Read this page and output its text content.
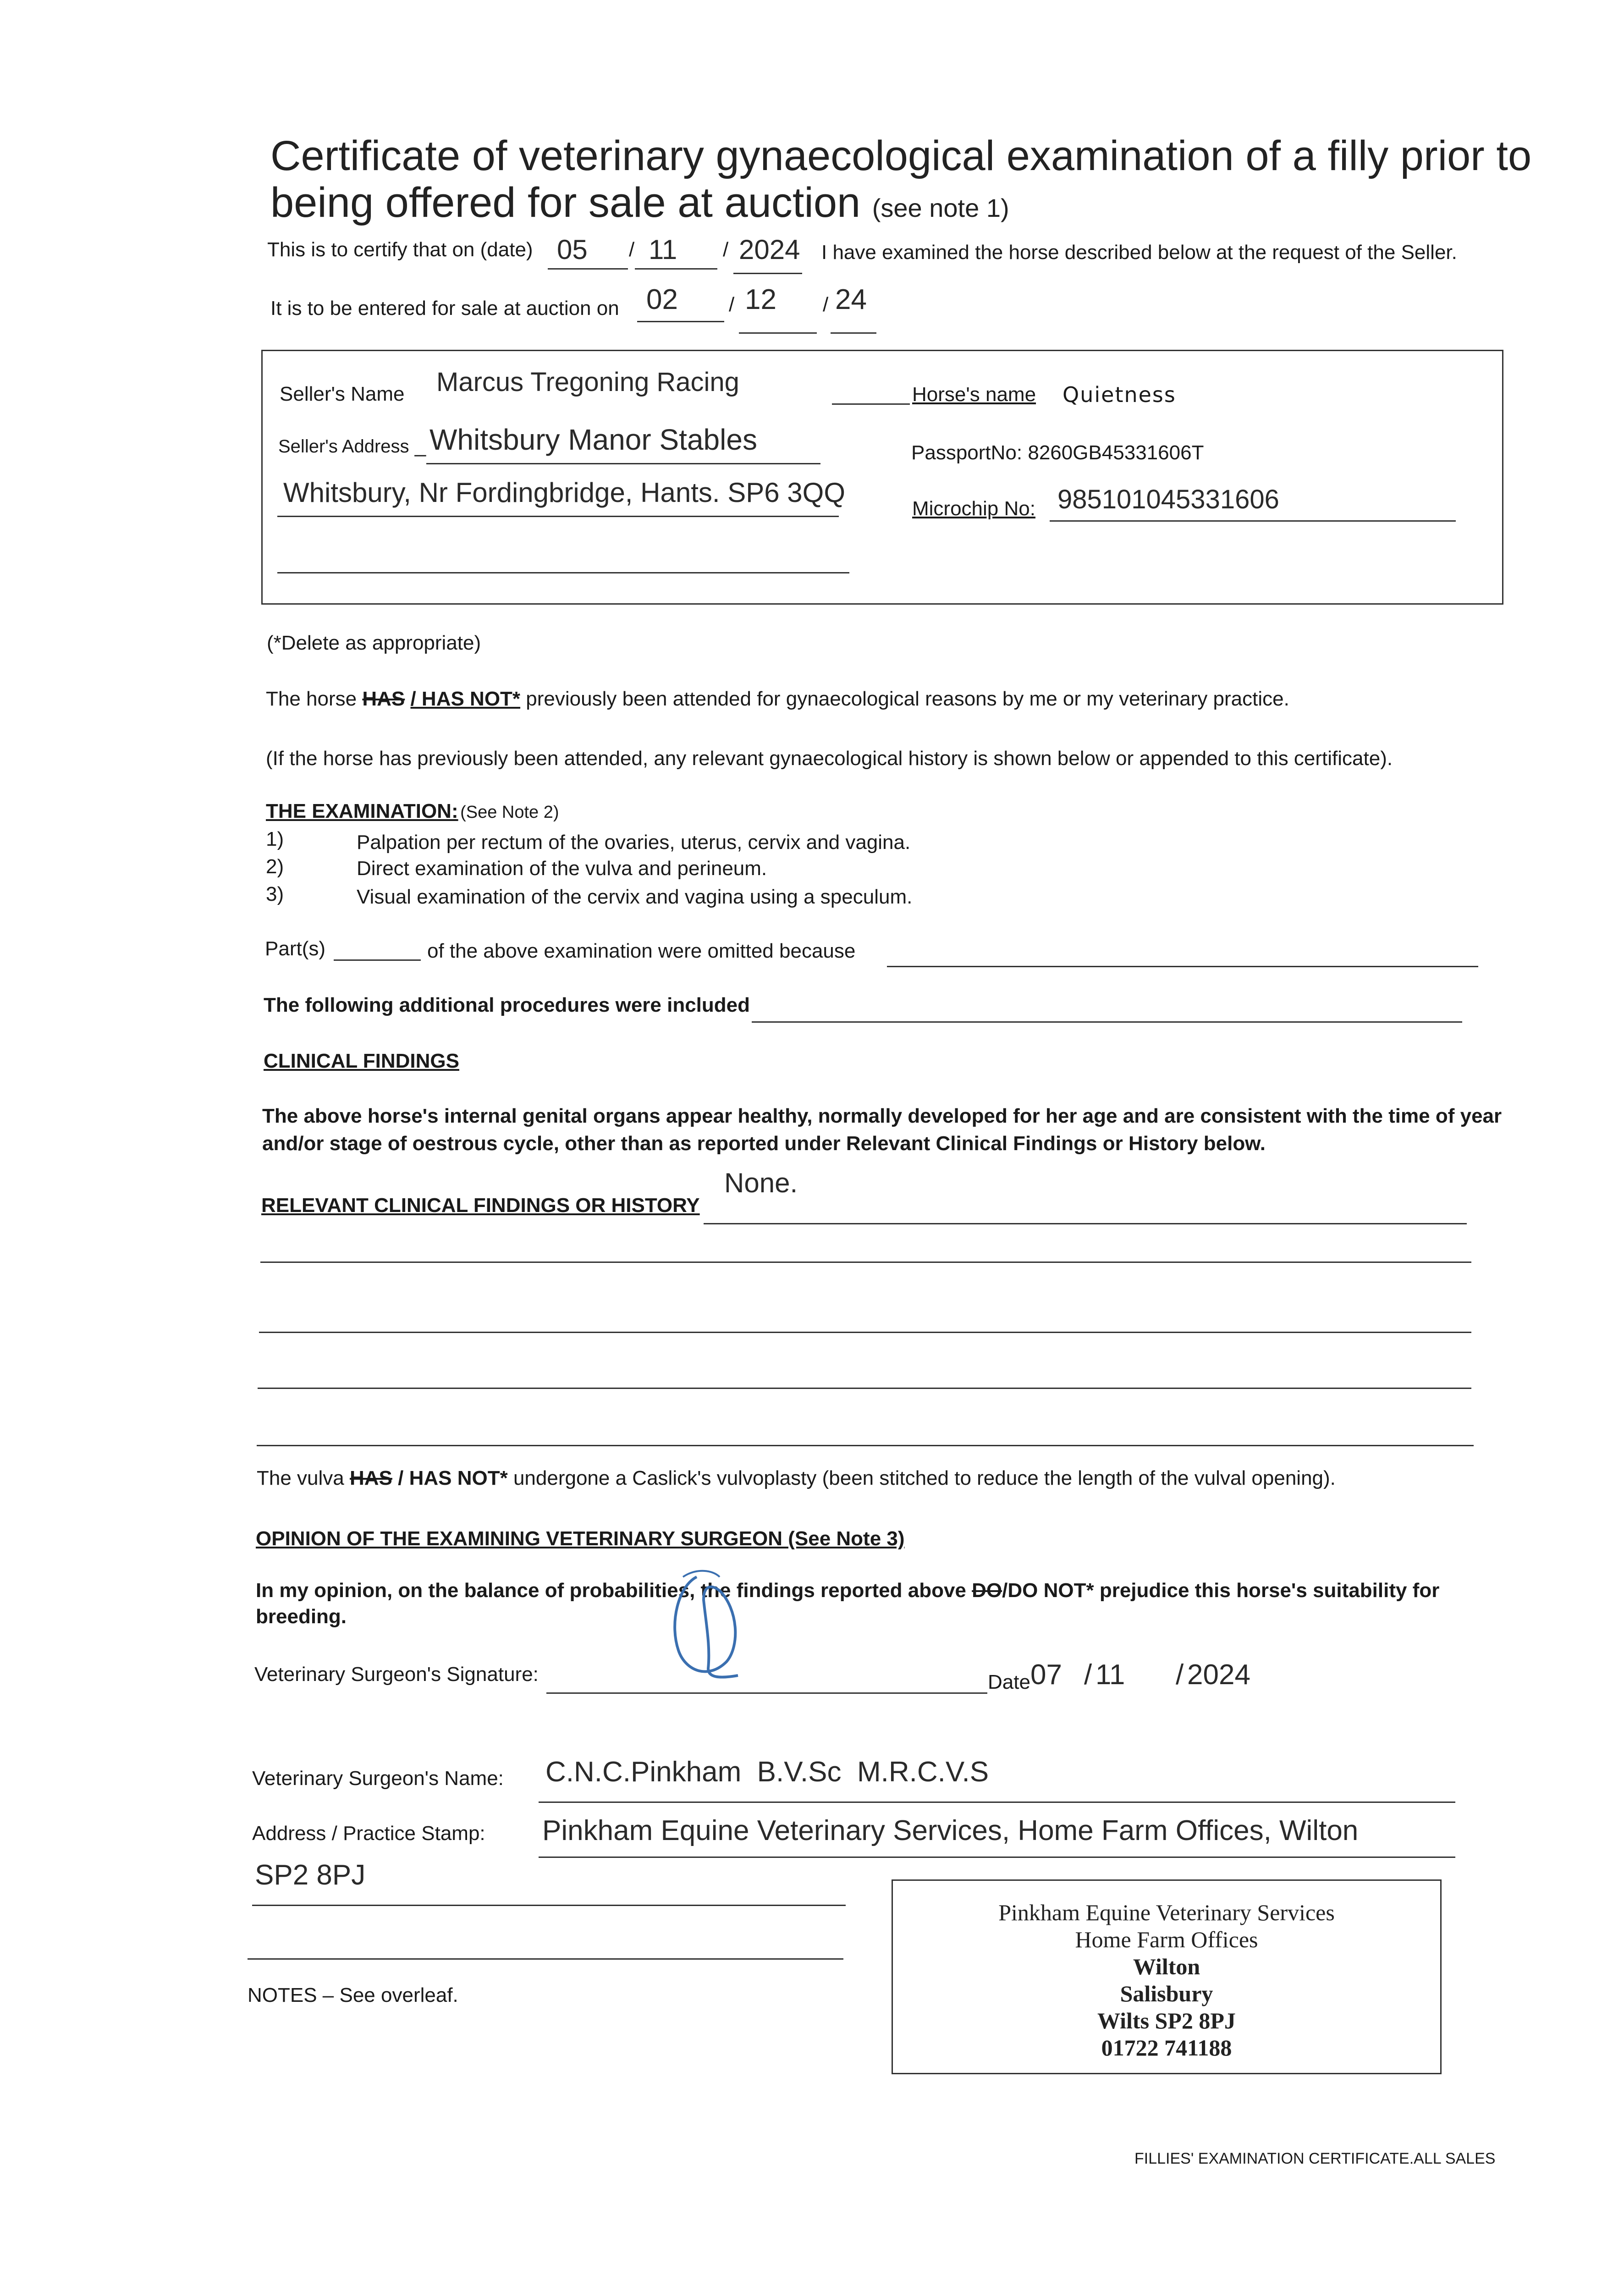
Certificate of veterinary gynaecological examination of a filly prior to
being offered for sale at auction (see note 1)
This is to certify that on (date) 05 / 11 / 2024 I have examined the horse described below at the request of the Seller.
It is to be entered for sale at auction on 02	/ 12 / 24
Seller's Name Marcus Tregoning Racing
Seller's Address _ Whitsbury Manor Stables
Whitsbury, Nr Fordingbridge, Hants. SP6 3QQ
Horse's name Quietness
PassportNo: 8260GB45331606T
Microchip No: 985101045331606
(*Delete as appropriate)
The horse HAS / HAS NOT* previously been attended for gynaecological reasons by me or my veterinary practice.
(If the horse has previously been attended, any relevant gynaecological history is shown below or appended to this certificate).
THE EXAMINATION: (See Note 2)
1)	Palpation per rectum of the ovaries, uterus, cervix and vagina.
2)	Direct examination of the vulva and perineum.
3)	Visual examination of the cervix and vagina using a speculum.
Part(s)	of the above examination were omitted because
The following additional procedures were included
CLINICAL FINDINGS
The above horse's internal genital organs appear healthy, normally developed for her age and are consistent with the time of year
and/or stage of oestrous cycle, other than as reported under Relevant Clinical Findings or History below.
RELEVANT CLINICAL FINDINGS OR HISTORY
None.
The vulva HAS / HAS NOT* undergone a Caslick's vulvoplasty (been stitched to reduce the length of the vulval opening).
OPINION OF THE EXAMINING VETERINARY SURGEON (See Note 3)
In my opinion, on the balance of probabilities, the findings reported above DO/DO NOT* prejudice this horse's suitability for
breeding.
Veterinary Surgeon's Signature:	Date 07 / 11 / 2024
Veterinary Surgeon's Name: C.N.C.Pinkham  B.V.Sc  M.R.C.V.S
Address / Practice Stamp: Pinkham Equine Veterinary Services, Home Farm Offices, Wilton
SP2 8PJ
Pinkham Equine Veterinary Services
Home Farm Offices
Wilton
Salisbury
Wilts SP2 8PJ
01722 741188
NOTES – See overleaf.
FILLIES' EXAMINATION CERTIFICATE.ALL SALES
